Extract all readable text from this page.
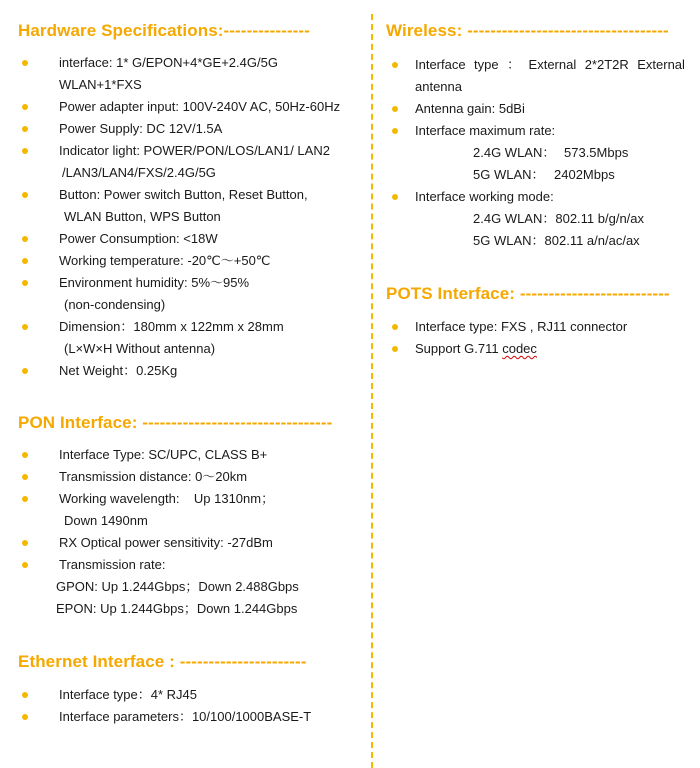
Hardware Specifications:---------------
interface: 1* G/EPON+4*GE+2.4G/5G
WLAN+1*FXS
Power adapter input: 100V-240V AC, 50Hz-60Hz
Power Supply: DC 12V/1.5A
Indicator light: POWER/PON/LOS/LAN1/ LAN2
/LAN3/LAN4/FXS/2.4G/5G
Button: Power switch Button, Reset Button,
WLAN Button, WPS Button
Power Consumption: <18W
Working temperature: -20℃～+50℃
Environment humidity: 5%～95%
(non-condensing)
Dimension：180mm x 122mm x 28mm
(L×W×H Without antenna)
Net Weight：0.25Kg
PON Interface: ---------------------------------
Interface Type: SC/UPC, CLASS B+
Transmission distance: 0～20km
Working wavelength:    Up 1310nm；
Down 1490nm
RX Optical power sensitivity: -27dBm
Transmission rate:
GPON: Up 1.244Gbps；Down 2.488Gbps
EPON: Up 1.244Gbps；Down 1.244Gbps
Ethernet Interface : ----------------------
Interface type：4* RJ45
Interface parameters：10/100/1000BASE-T
Wireless: -----------------------------------
Interface type ： External 2*2T2R External
antenna
Antenna gain: 5dBi
Interface maximum rate:
2.4G WLAN： 573.5Mbps
5G WLAN： 2402Mbps
Interface working mode:
2.4G WLAN：802.11 b/g/n/ax
5G WLAN：802.11 a/n/ac/ax
POTS Interface: --------------------------
Interface type: FXS , RJ11 connector
Support G.711 codec
